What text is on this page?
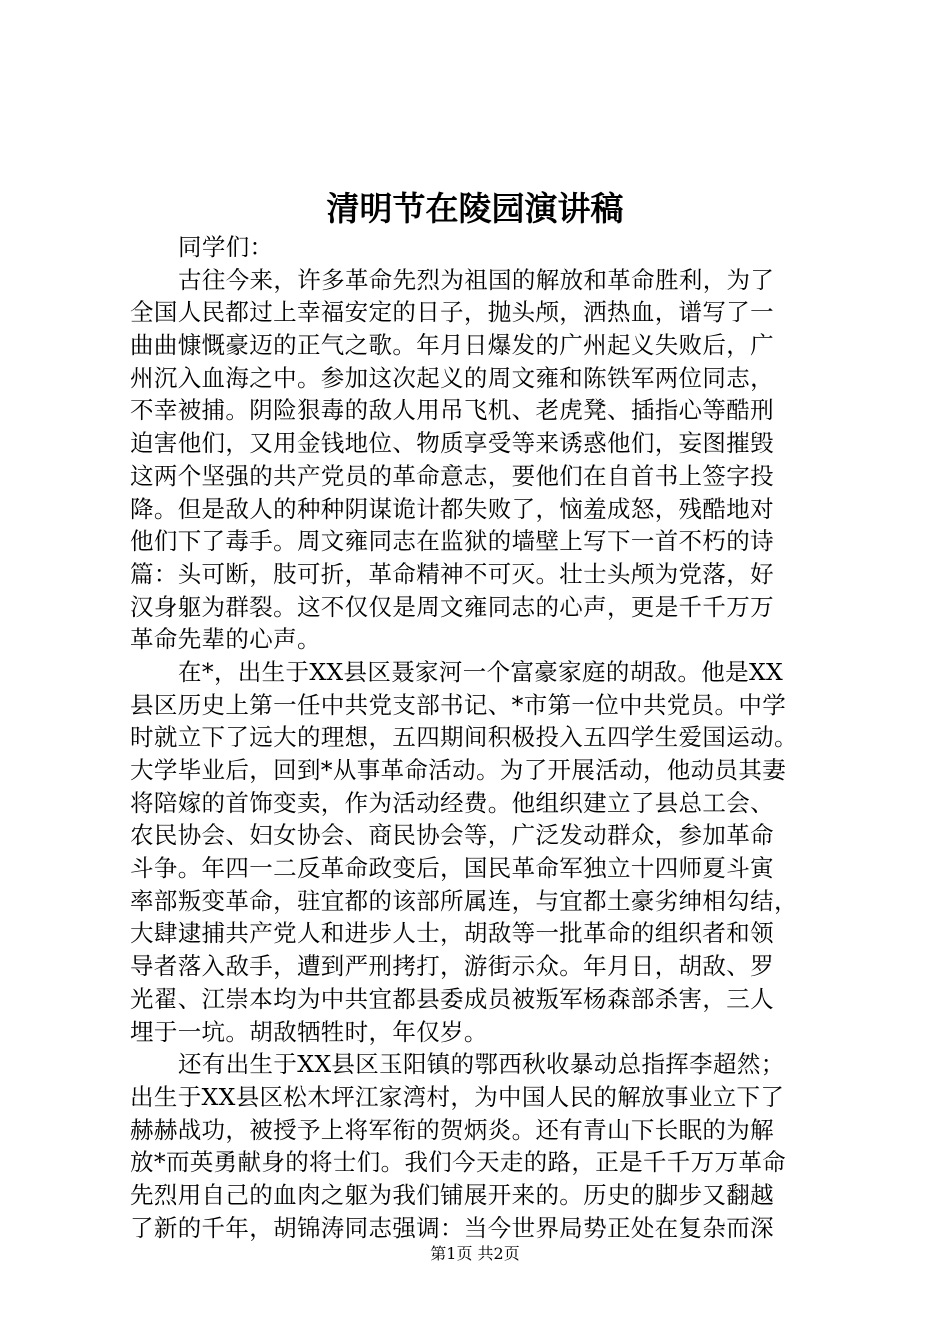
清明节在陵园演讲稿
同学们：
古往今来，许多革命先烈为祖国的解放和革命胜利，为了
全国人民都过上幸福安定的日子，抛头颅，洒热血，谱写了一
曲曲慷慨豪迈的正气之歌。年月日爆发的广州起义失败后，广
州沉入血海之中。参加这次起义的周文雍和陈铁军两位同志，
不幸被捕。阴险狠毒的敌人用吊飞机、老虎凳、插指心等酷刑
迫害他们，又用金钱地位、物质享受等来诱惑他们，妄图摧毁
这两个坚强的共产党员的革命意志，要他们在自首书上签字投
降。但是敌人的种种阴谋诡计都失败了，恼羞成怒，残酷地对
他们下了毒手。周文雍同志在监狱的墙壁上写下一首不朽的诗
篇：头可断，肢可折，革命精神不可灭。壮士头颅为党落，好
汉身躯为群裂。这不仅仅是周文雍同志的心声，更是千千万万
革命先辈的心声。
在*，出生于XX县区聂家河一个富豪家庭的胡敌。他是XX
县区历史上第一任中共党支部书记、*市第一位中共党员。中学
时就立下了远大的理想，五四期间积极投入五四学生爱国运动。
大学毕业后，回到*从事革命活动。为了开展活动，他动员其妻
将陪嫁的首饰变卖，作为活动经费。他组织建立了县总工会、
农民协会、妇女协会、商民协会等，广泛发动群众，参加革命
斗争。年四一二反革命政变后，国民革命军独立十四师夏斗寅
率部叛变革命，驻宜都的该部所属连，与宜都土豪劣绅相勾结，
大肆逮捕共产党人和进步人士，胡敌等一批革命的组织者和领
导者落入敌手，遭到严刑拷打，游街示众。年月日，胡敌、罗
光翟、江崇本均为中共宜都县委成员被叛军杨森部杀害，三人
埋于一坑。胡敌牺牲时，年仅岁。
还有出生于XX县区玉阳镇的鄂西秋收暴动总指挥李超然；
出生于XX县区松木坪江家湾村，为中国人民的解放事业立下了
赫赫战功，被授予上将军衔的贺炳炎。还有青山下长眠的为解
放*而英勇献身的将士们。我们今天走的路，正是千千万万革命
先烈用自己的血肉之躯为我们铺展开来的。历史的脚步又翻越
了新的千年，胡锦涛同志强调：当今世界局势正处在复杂而深
第1页 共2页
